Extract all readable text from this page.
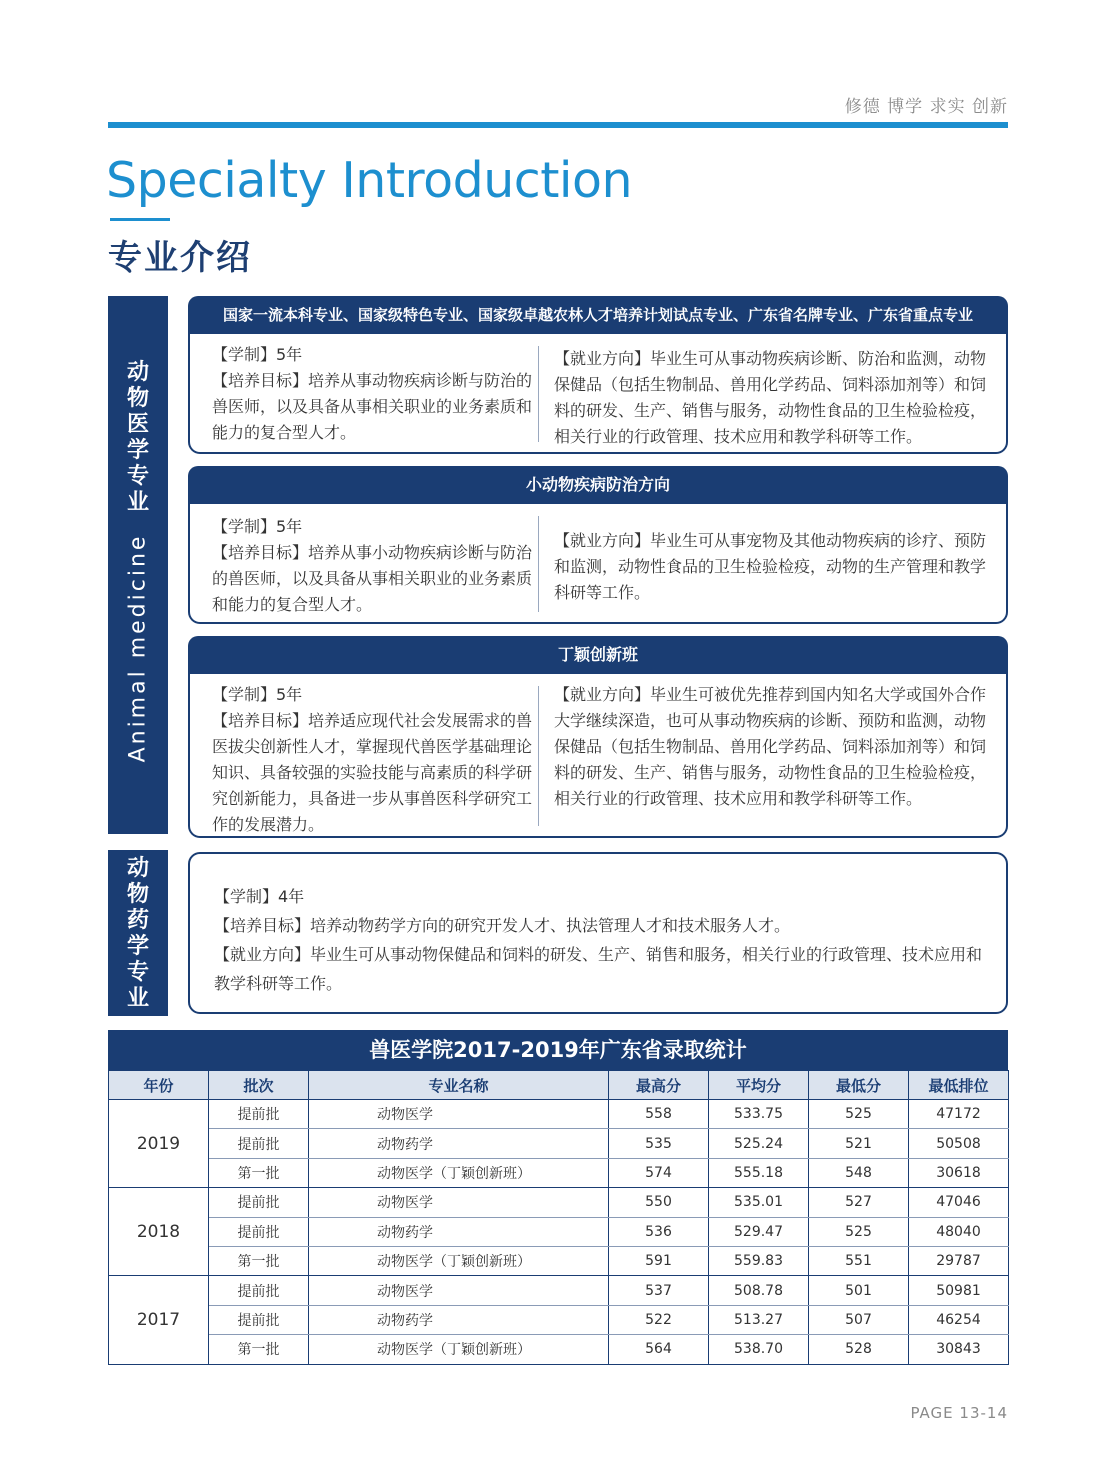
修德 博学 求实 创新
Specialty Introduction
专业介绍
动
物
医
学
专
业
Animal medicine
动
物
药
学
专
业
国家一流本科专业、国家级特色专业、国家级卓越农林人才培养计划试点专业、广东省名牌专业、广东省重点专业
【学制】5年
【培养目标】培养从事动物疾病诊断与防治的兽医师，以及具备从事相关职业的业务素质和能力的复合型人才。
【就业方向】毕业生可从事动物疾病诊断、防治和监测，动物保健品（包括生物制品、兽用化学药品、饲料添加剂等）和饲料的研发、生产、销售与服务，动物性食品的卫生检验检疫，相关行业的行政管理、技术应用和教学科研等工作。
小动物疾病防治方向
【学制】5年
【培养目标】培养从事小动物疾病诊断与防治的兽医师，以及具备从事相关职业的业务素质和能力的复合型人才。
【就业方向】毕业生可从事宠物及其他动物疾病的诊疗、预防和监测，动物性食品的卫生检验检疫，动物的生产管理和教学科研等工作。
丁颖创新班
【学制】5年
【培养目标】培养适应现代社会发展需求的兽医拔尖创新性人才，掌握现代兽医学基础理论知识、具备较强的实验技能与高素质的科学研究创新能力，具备进一步从事兽医科学研究工作的发展潜力。
【就业方向】毕业生可被优先推荐到国内知名大学或国外合作大学继续深造，也可从事动物疾病的诊断、预防和监测，动物保健品（包括生物制品、兽用化学药品、饲料添加剂等）和饲料的研发、生产、销售与服务，动物性食品的卫生检验检疫，相关行业的行政管理、技术应用和教学科研等工作。
【学制】4年
【培养目标】培养动物药学方向的研究开发人才、执法管理人才和技术服务人才。
【就业方向】毕业生可从事动物保健品和饲料的研发、生产、销售和服务，相关行业的行政管理、技术应用和教学科研等工作。
兽医学院2017-2019年广东省录取统计
年份	批次	专业名称	最高分	平均分	最低分	最低排位
2019	提前批	动物医学	558	533.75	525	47172
	提前批	动物药学	535	525.24	521	50508
	第一批	动物医学（丁颖创新班）	574	555.18	548	30618
2018	提前批	动物医学	550	535.01	527	47046
	提前批	动物药学	536	529.47	525	48040
	第一批	动物医学（丁颖创新班）	591	559.83	551	29787
2017	提前批	动物医学	537	508.78	501	50981
	提前批	动物药学	522	513.27	507	46254
	第一批	动物医学（丁颖创新班）	564	538.70	528	30843
PAGE 13-14
